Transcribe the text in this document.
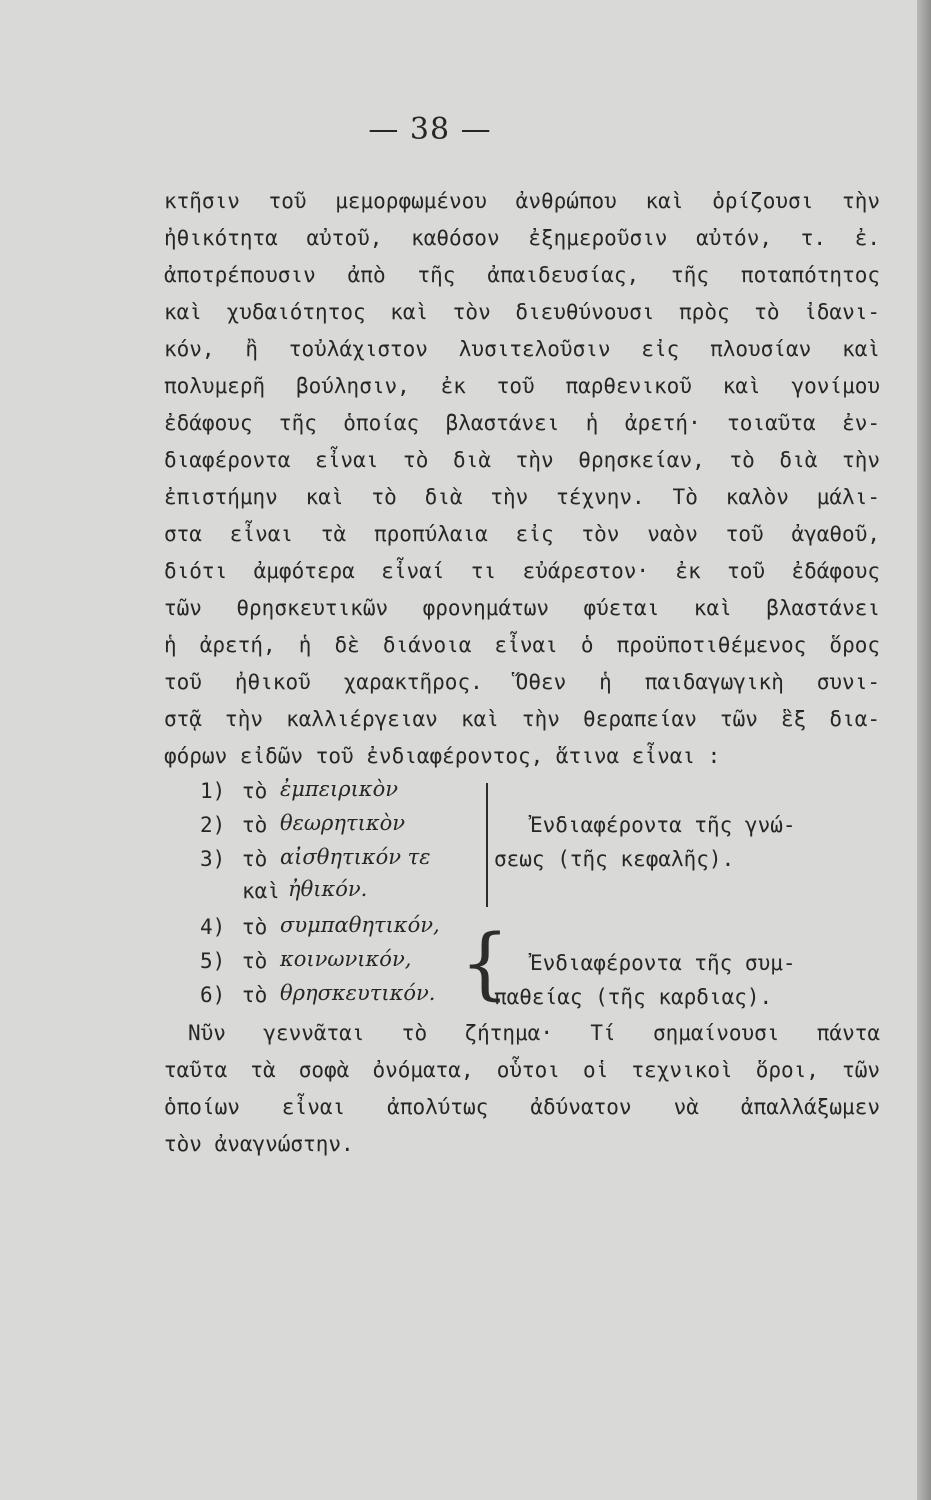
— 38 —
κτῆσιν τοῦ μεμορφωμένου ἀνθρώπου καὶ ὁρίζουσι τὴν
ἠθικότητα αὐτοῦ, καθόσον ἐξημεροῦσιν αὐτόν, τ. ἐ.
ἀποτρέπουσιν ἀπὸ τῆς ἀπαιδευσίας, τῆς ποταπότητος
καὶ χυδαιότητος καὶ τὸν διευθύνουσι πρὸς τὸ ἰδανι-
κόν, ἢ τοὐλάχιστον λυσιτελοῦσιν εἰς πλουσίαν καὶ
πολυμερῆ βούλησιν, ἐκ τοῦ παρθενικοῦ καὶ γονίμου
ἐδάφους τῆς ὁποίας βλαστάνει ἡ ἀρετή· τοιαῦτα ἐν-
διαφέροντα εἶναι τὸ διὰ τὴν θρησκείαν, τὸ διὰ τὴν
ἐπιστήμην καὶ τὸ διὰ τὴν τέχνην. Τὸ καλὸν μάλι-
στα εἶναι τὰ προπύλαια εἰς τὸν ναὸν τοῦ ἀγαθοῦ,
διότι ἀμφότερα εἶναί τι εὐάρεστον· ἐκ τοῦ ἐδάφους
τῶν θρησκευτικῶν φρονημάτων φύεται καὶ βλαστάνει
ἡ ἀρετή, ἡ δὲ διάνοια εἶναι ὁ προϋποτιθέμενος ὅρος
τοῦ ἠθικοῦ χαρακτῆρος. Ὅθεν ἡ παιδαγωγικὴ συνι-
στᾷ τὴν καλλιέργειαν καὶ τὴν θεραπείαν τῶν ἓξ δια-
φόρων εἰδῶν τοῦ ἐνδιαφέροντος, ἅτινα εἶναι :
1) τὸ ἐμπειρικὸν
2) τὸ θεωρητικὸν
3) τὸ αἰσθητικόν τε
καὶ ἠθικόν.
4) τὸ συμπαθητικόν,
5) τὸ κοινωνικόν,
6) τὸ θρησκευτικόν.
Ἐνδιαφέροντα τῆς γνώ-
σεως (τῆς κεφαλῆς).
{ Ἐνδιαφέροντα τῆς συμ-
παθείας (τῆς καρδιας).
Νῦν γεννᾶται τὸ ζήτημα· Τί σημαίνουσι πάντα
ταῦτα τὰ σοφὰ ὀνόματα, οὗτοι οἱ τεχνικοὶ ὅροι, τῶν
ὁποίων εἶναι ἀπολύτως ἀδύνατον νὰ ἀπαλλάξωμεν
τὸν ἀναγνώστην.
